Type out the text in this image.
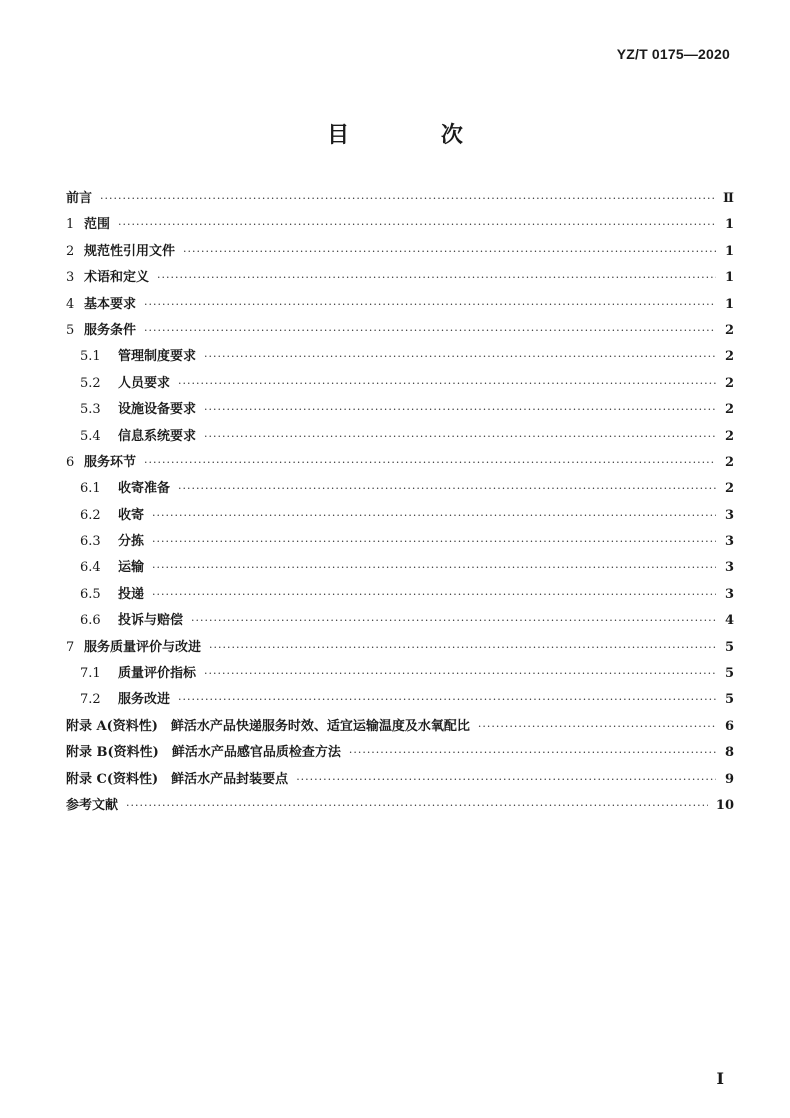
YZ/T 0175—2020
目 次
前言 ·····	Ⅱ
1 范围 ·····	1
2 规范性引用文件 ·····	1
3 术语和定义 ·····	1
4 基本要求 ·····	1
5 服务条件 ·····	2
5.1	管理制度要求 ·····	2
5.2	人员要求 ·····	2
5.3	设施设备要求 ·····	2
5.4	信息系统要求 ·····	2
6 服务环节 ·····	2
6.1	收寄准备 ·····	2
6.2	收寄 ·····	3
6.3	分拣 ·····	3
6.4	运输 ·····	3
6.5	投递 ·····	3
6.6	投诉与赔偿 ·····	4
7 服务质量评价与改进 ·····	5
7.1	质量评价指标 ·····	5
7.2	服务改进 ·····	5
附录 A(资料性)　鲜活水产品快递服务时效、适宜运输温度及水氧配比 ·····	6
附录 B(资料性)　鲜活水产品感官品质检查方法 ·····	8
附录 C(资料性)　鲜活水产品封装要点 ·····	9
参考文献 ·····	10
I
